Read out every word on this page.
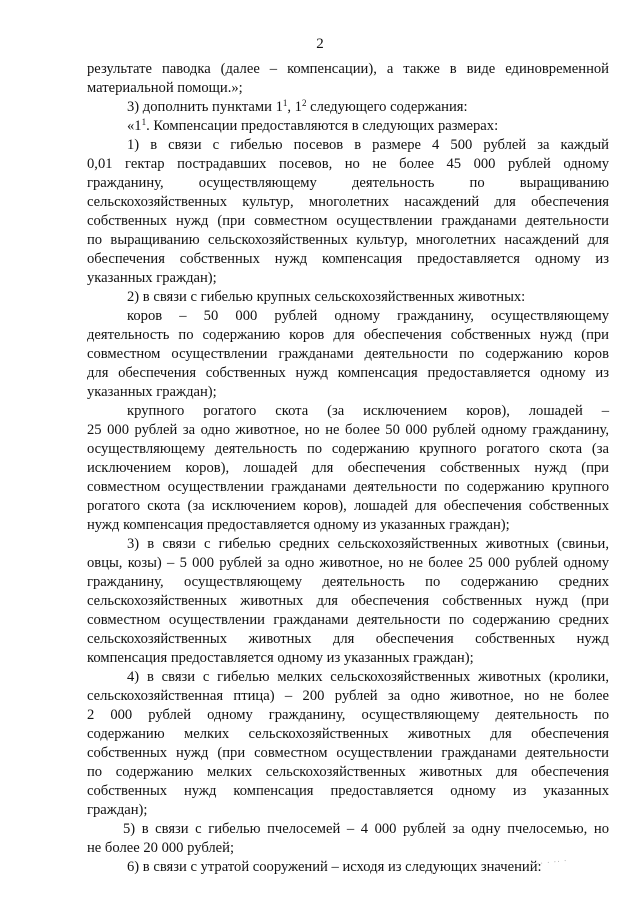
2
результате паводка (далее – компенсации), а также в виде единовременной
материальной помощи.»;
3) дополнить пунктами $1^1$, $1^2$ следующего содержания:
«$1^1$. Компенсации предоставляются в следующих размерах:
1) в связи с гибелью посевов в размере 4 500 рублей за каждый
0,01 гектар пострадавших посевов, но не более 45 000 рублей одному
гражданину, осуществляющему деятельность по выращиванию
сельскохозяйственных культур, многолетних насаждений для обеспечения
собственных нужд (при совместном осуществлении гражданами деятельности
по выращиванию сельскохозяйственных культур, многолетних насаждений для
обеспечения собственных нужд компенсация предоставляется одному из
указанных граждан);
2) в связи с гибелью крупных сельскохозяйственных животных:
коров – 50 000 рублей одному гражданину, осуществляющему
деятельность по содержанию коров для обеспечения собственных нужд (при
совместном осуществлении гражданами деятельности по содержанию коров
для обеспечения собственных нужд компенсация предоставляется одному из
указанных граждан);
крупного рогатого скота (за исключением коров), лошадей –
25 000 рублей за одно животное, но не более 50 000 рублей одному гражданину,
осуществляющему деятельность по содержанию крупного рогатого скота (за
исключением коров), лошадей для обеспечения собственных нужд (при
совместном осуществлении гражданами деятельности по содержанию крупного
рогатого скота (за исключением коров), лошадей для обеспечения собственных
нужд компенсация предоставляется одному из указанных граждан);
3) в связи с гибелью средних сельскохозяйственных животных (свиньи,
овцы, козы) – 5 000 рублей за одно животное, но не более 25 000 рублей одному
гражданину, осуществляющему деятельность по содержанию средних
сельскохозяйственных животных для обеспечения собственных нужд (при
совместном осуществлении гражданами деятельности по содержанию средних
сельскохозяйственных животных для обеспечения собственных нужд
компенсация предоставляется одному из указанных граждан);
4) в связи с гибелью мелких сельскохозяйственных животных (кролики,
сельскохозяйственная птица) – 200 рублей за одно животное, но не более
2 000 рублей одному гражданину, осуществляющему деятельность по
содержанию мелких сельскохозяйственных животных для обеспечения
собственных нужд (при совместном осуществлении гражданами деятельности
по содержанию мелких сельскохозяйственных животных для обеспечения
собственных нужд компенсация предоставляется одному из указанных
граждан);
5) в связи с гибелью пчелосемей – 4 000 рублей за одну пчелосемью, но
не более 20 000 рублей;
6) в связи с утратой сооружений – исходя из следующих значений:
· ·· · ·· ·
